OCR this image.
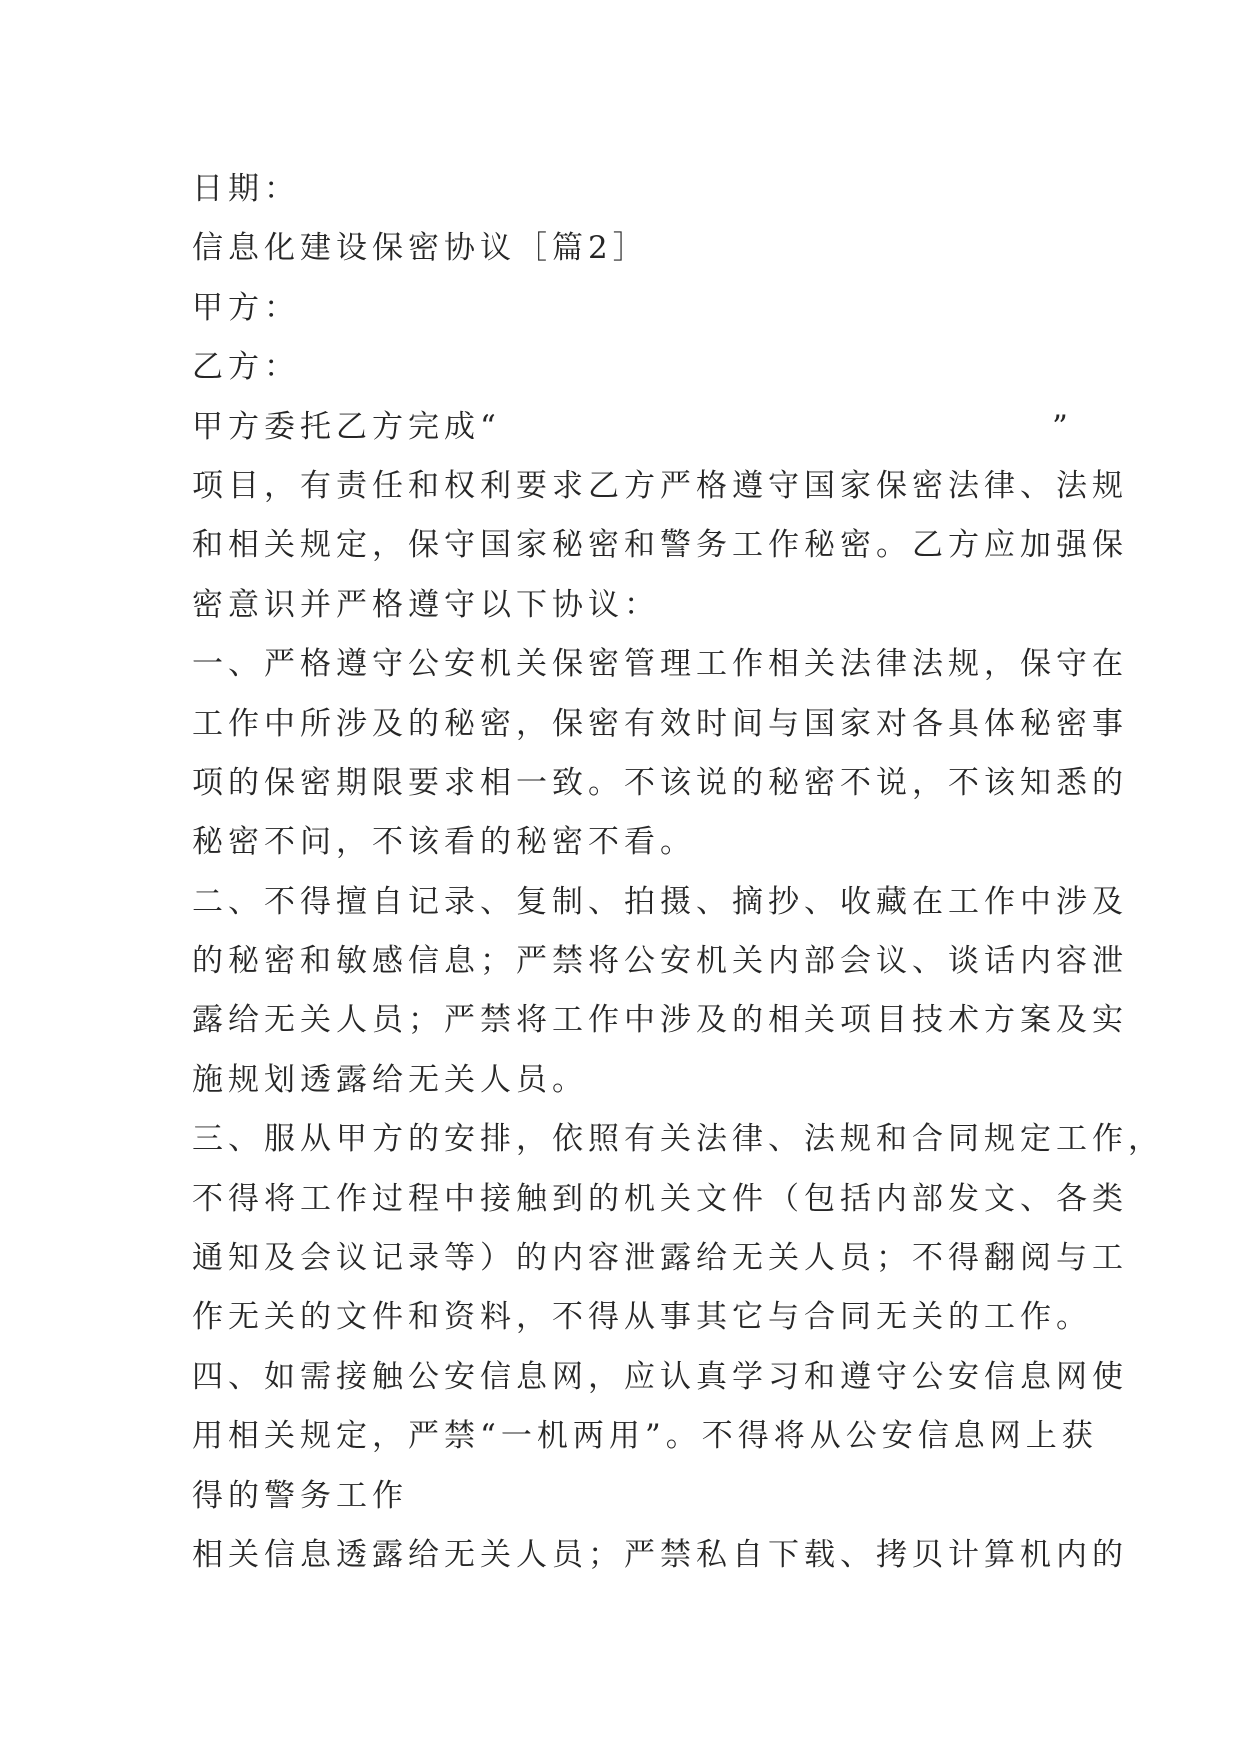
日期：
信息化建设保密协议［篇2］
甲方：
乙方：
甲方委托乙方完成“	”
项目，有责任和权利要求乙方严格遵守国家保密法律、法规
和相关规定，保守国家秘密和警务工作秘密。乙方应加强保
密意识并严格遵守以下协议：
一、严格遵守公安机关保密管理工作相关法律法规，保守在
工作中所涉及的秘密，保密有效时间与国家对各具体秘密事
项的保密期限要求相一致。不该说的秘密不说，不该知悉的
秘密不问，不该看的秘密不看。
二、不得擅自记录、复制、拍摄、摘抄、收藏在工作中涉及
的秘密和敏感信息；严禁将公安机关内部会议、谈话内容泄
露给无关人员；严禁将工作中涉及的相关项目技术方案及实
施规划透露给无关人员。
三、服从甲方的安排，依照有关法律、法规和合同规定工作，
不得将工作过程中接触到的机关文件（包括内部发文、各类
通知及会议记录等）的内容泄露给无关人员；不得翻阅与工
作无关的文件和资料，不得从事其它与合同无关的工作。
四、如需接触公安信息网，应认真学习和遵守公安信息网使
用相关规定，严禁“一机两用”。不得将从公安信息网上获
得的警务工作
相关信息透露给无关人员；严禁私自下载、拷贝计算机内的
